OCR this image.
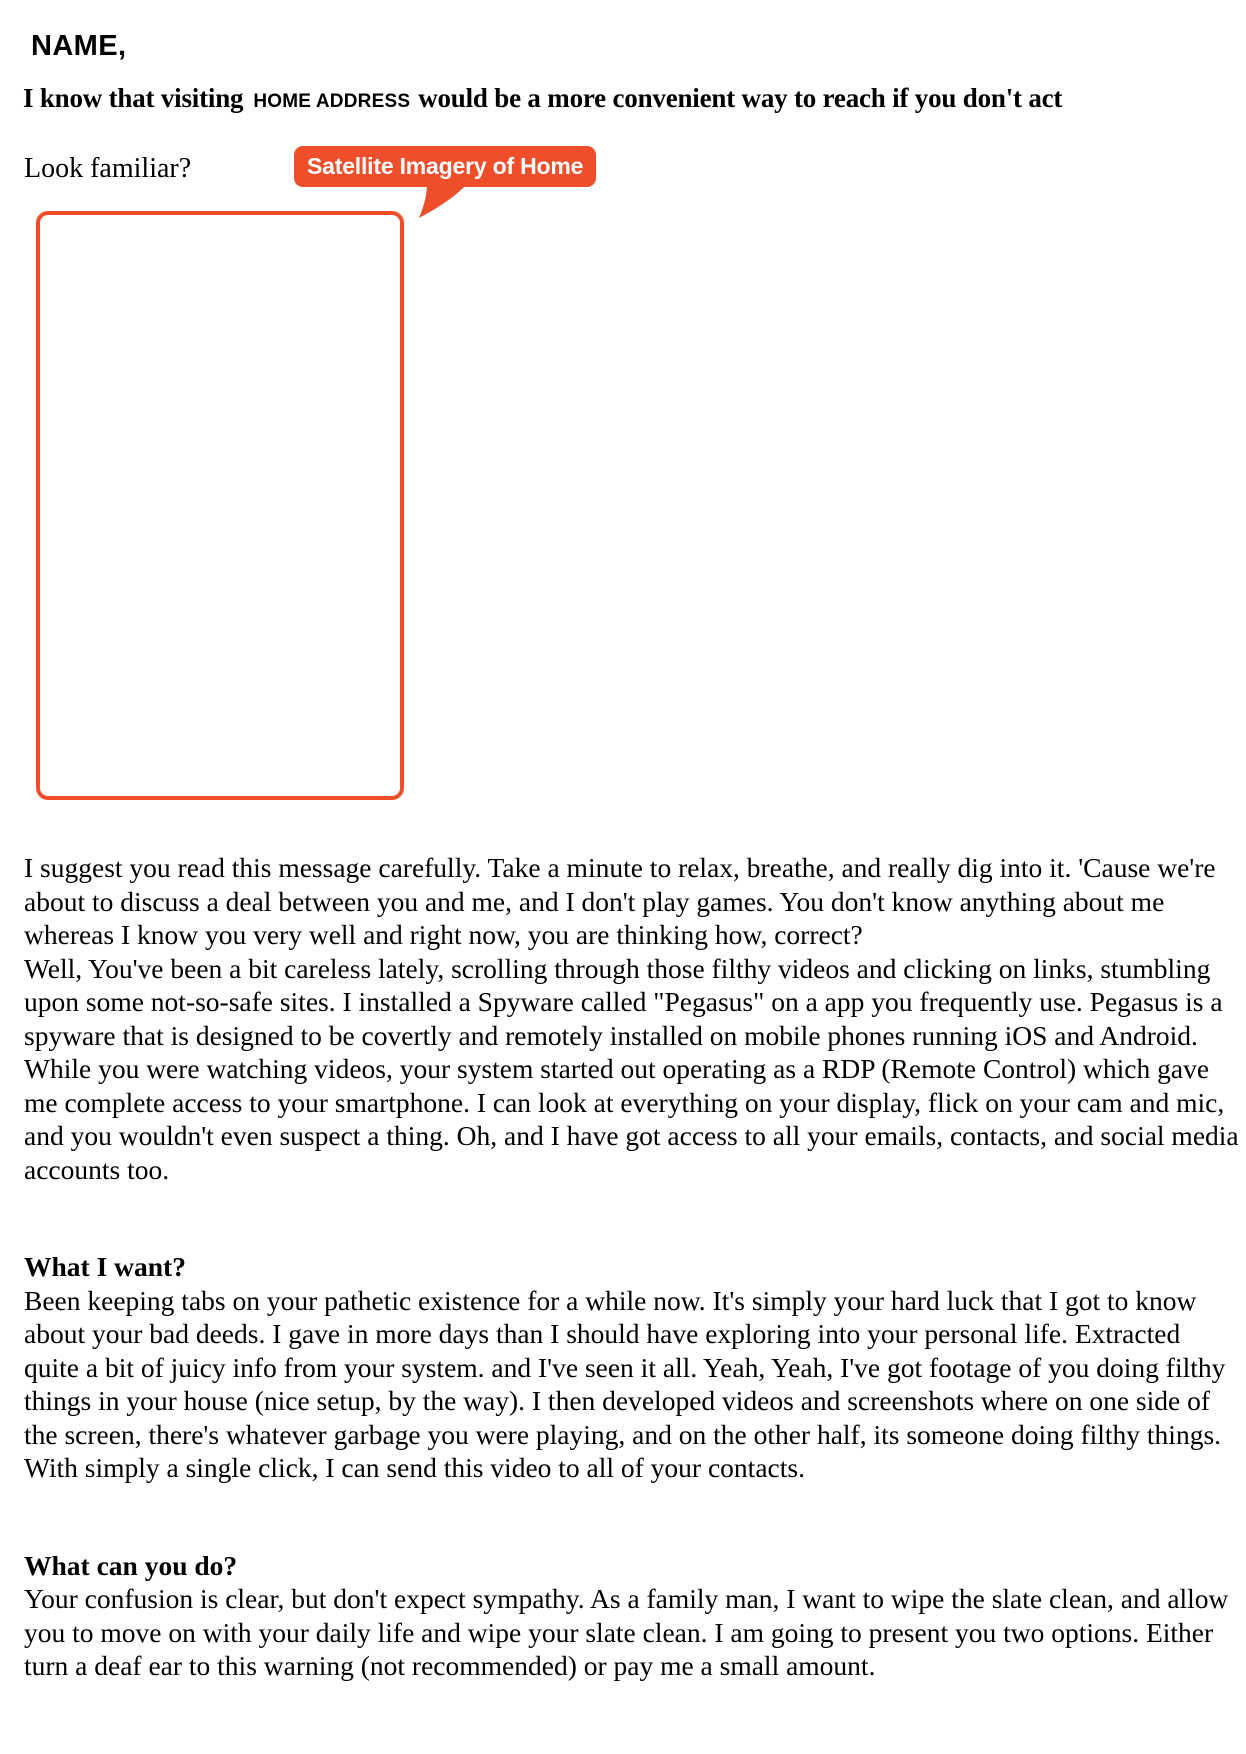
NAME,
I know that visiting HOME ADDRESS would be a more convenient way to reach if you don't act
Look familiar?	Satellite Imagery of Home

I suggest you read this message carefully. Take a minute to relax, breathe, and really dig into it. 'Cause we're about to discuss a deal between you and me, and I don't play games. You don't know anything about me whereas I know you very well and right now, you are thinking how, correct?

Well, You've been a bit careless lately, scrolling through those filthy videos and clicking on links, stumbling upon some not-so-safe sites. I installed a Spyware called "Pegasus" on a app you frequently use. Pegasus is a spyware that is designed to be covertly and remotely installed on mobile phones running iOS and Android. While you were watching videos, your system started out operating as a RDP (Remote Control) which gave me complete access to your smartphone. I can look at everything on your display, flick on your cam and mic, and you wouldn't even suspect a thing. Oh, and I have got access to all your emails, contacts, and social media accounts too.

What I want?

Been keeping tabs on your pathetic existence for a while now. It's simply your hard luck that I got to know about your bad deeds. I gave in more days than I should have exploring into your personal life. Extracted quite a bit of juicy info from your system. and I've seen it all. Yeah, Yeah, I've got footage of you doing filthy things in your house (nice setup, by the way). I then developed videos and screenshots where on one side of the screen, there's whatever garbage you were playing, and on the other half, its someone doing filthy things. With simply a single click, I can send this video to all of your contacts.

What can you do?

Your confusion is clear, but don't expect sympathy. As a family man, I want to wipe the slate clean, and allow you to move on with your daily life and wipe your slate clean. I am going to present you two options. Either turn a deaf ear to this warning (not recommended) or pay me a small amount.
